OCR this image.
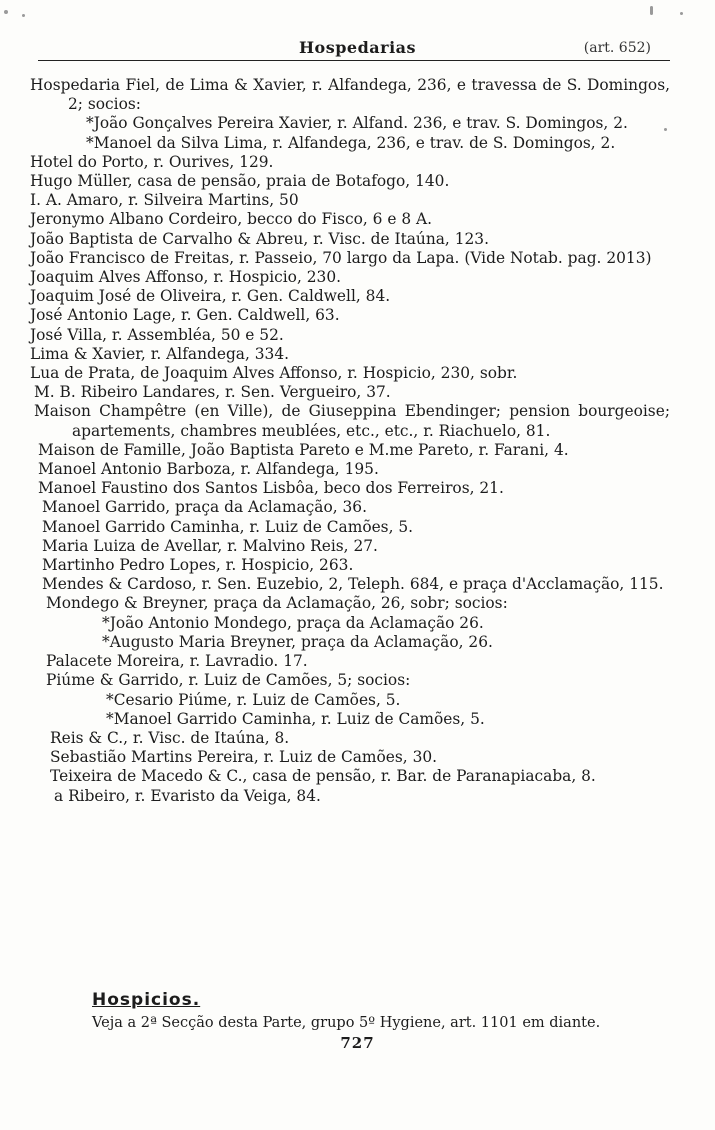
Hospedarias	(art. 652)
Hospedaria Fiel, de Lima & Xavier, r. Alfandega, 236, e travessa de S. Domingos, 2; socios:
*João Gonçalves Pereira Xavier, r. Alfand. 236, e trav. S. Domingos, 2.
*Manoel da Silva Lima, r. Alfandega, 236, e trav. de S. Domingos, 2.
Hotel do Porto, r. Ourives, 129.
Hugo Müller, casa de pensão, praia de Botafogo, 140.
I. A. Amaro, r. Silveira Martins, 50
Jeronymo Albano Cordeiro, becco do Fisco, 6 e 8 A.
João Baptista de Carvalho & Abreu, r. Visc. de Itaúna, 123.
João Francisco de Freitas, r. Passeio, 70 largo da Lapa. (Vide Notab. pag. 2013)
Joaquim Alves Affonso, r. Hospicio, 230.
Joaquim José de Oliveira, r. Gen. Caldwell, 84.
José Antonio Lage, r. Gen. Caldwell, 63.
José Villa, r. Assembléa, 50 e 52.
Lima & Xavier, r. Alfandega, 334.
Lua de Prata, de Joaquim Alves Affonso, r. Hospicio, 230, sobr.
M. B. Ribeiro Landares, r. Sen. Vergueiro, 37.
Maison Champêtre (en Ville), de Giuseppina Ebendinger; pension bourgeoise; apartements, chambres meublées, etc., etc., r. Riachuelo, 81.
Maison de Famille, João Baptista Pareto e M.me Pareto, r. Farani, 4.
Manoel Antonio Barboza, r. Alfandega, 195.
Manoel Faustino dos Santos Lisbôa, beco dos Ferreiros, 21.
Manoel Garrido, praça da Aclamação, 36.
Manoel Garrido Caminha, r. Luiz de Camões, 5.
Maria Luiza de Avellar, r. Malvino Reis, 27.
Martinho Pedro Lopes, r. Hospicio, 263.
Mendes & Cardoso, r. Sen. Euzebio, 2, Teleph. 684, e praça d'Acclamação, 115.
Mondego & Breyner, praça da Aclamação, 26, sobr; socios:
*João Antonio Mondego, praça da Aclamação 26.
*Augusto Maria Breyner, praça da Aclamação, 26.
Palacete Moreira, r. Lavradio. 17.
Piúme & Garrido, r. Luiz de Camões, 5; socios:
*Cesario Piúme, r. Luiz de Camões, 5.
*Manoel Garrido Caminha, r. Luiz de Camões, 5.
Reis & C., r. Visc. de Itaúna, 8.
Sebastião Martins Pereira, r. Luiz de Camões, 30.
Teixeira de Macedo & C., casa de pensão, r. Bar. de Paranapiacaba, 8.
a Ribeiro, r. Evaristo da Veiga, 84.
Hospicios.
Veja a 2ª Secção desta Parte, grupo 5º Hygiene, art. 1101 em diante.
727
